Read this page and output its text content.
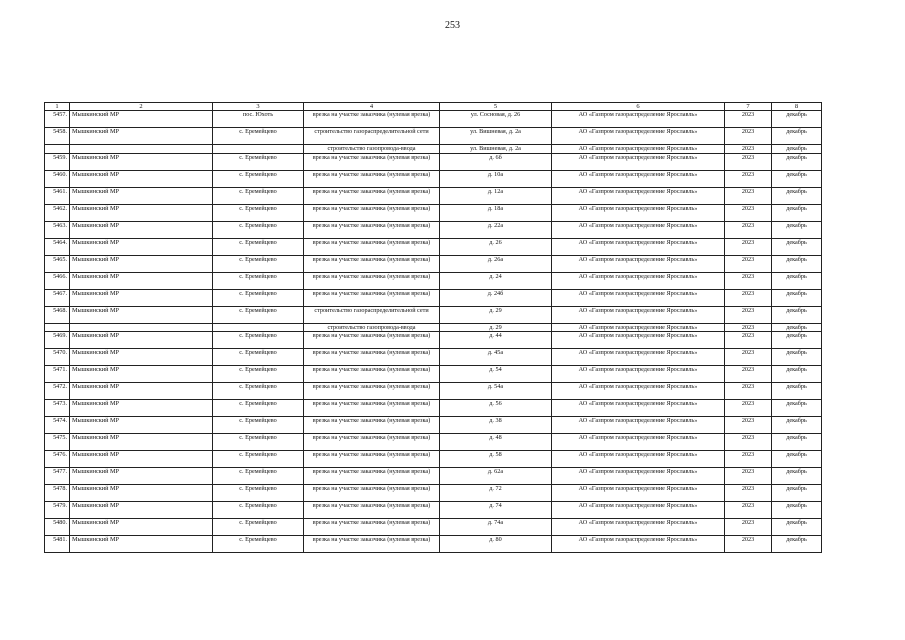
253
1	2	3	4	5	6	7	8
5457.	Мышкинский МР	пос. Юхоть	врезка на участке заказчика (нулевая врезка)	ул. Сосновая, д. 26	АО «Газпром газораспределение Ярославль»	2023	декабрь
5458.	Мышкинский МР	с. Еремейцево	строительство газораспределительной сети	ул. Вишневая, д. 2а	АО «Газпром газораспределение Ярославль»	2023	декабрь
			строительство газопровода-ввода	ул. Вишневая, д. 2а	АО «Газпром газораспределение Ярославль»	2023	декабрь
5459.	Мышкинский МР	с. Еремейцево	врезка на участке заказчика (нулевая врезка)	д. 6б	АО «Газпром газораспределение Ярославль»	2023	декабрь
5460.	Мышкинский МР	с. Еремейцево	врезка на участке заказчика (нулевая врезка)	д. 10а	АО «Газпром газораспределение Ярославль»	2023	декабрь
5461.	Мышкинский МР	с. Еремейцево	врезка на участке заказчика (нулевая врезка)	д. 12а	АО «Газпром газораспределение Ярославль»	2023	декабрь
5462.	Мышкинский МР	с. Еремейцево	врезка на участке заказчика (нулевая врезка)	д. 18а	АО «Газпром газораспределение Ярославль»	2023	декабрь
5463.	Мышкинский МР	с. Еремейцево	врезка на участке заказчика (нулевая врезка)	д. 22а	АО «Газпром газораспределение Ярославль»	2023	декабрь
5464.	Мышкинский МР	с. Еремейцево	врезка на участке заказчика (нулевая врезка)	д. 26	АО «Газпром газораспределение Ярославль»	2023	декабрь
5465.	Мышкинский МР	с. Еремейцево	врезка на участке заказчика (нулевая врезка)	д. 26а	АО «Газпром газораспределение Ярославль»	2023	декабрь
5466.	Мышкинский МР	с. Еремейцево	врезка на участке заказчика (нулевая врезка)	д. 24	АО «Газпром газораспределение Ярославль»	2023	декабрь
5467.	Мышкинский МР	с. Еремейцево	врезка на участке заказчика (нулевая врезка)	д. 24б	АО «Газпром газораспределение Ярославль»	2023	декабрь
5468.	Мышкинский МР	с. Еремейцево	строительство газораспределительной сети	д. 29	АО «Газпром газораспределение Ярославль»	2023	декабрь
			строительство газопровода-ввода	д. 29	АО «Газпром газораспределение Ярославль»	2023	декабрь
5469.	Мышкинский МР	с. Еремейцево	врезка на участке заказчика (нулевая врезка)	д. 44	АО «Газпром газораспределение Ярославль»	2023	декабрь
5470.	Мышкинский МР	с. Еремейцево	врезка на участке заказчика (нулевая врезка)	д. 45а	АО «Газпром газораспределение Ярославль»	2023	декабрь
5471.	Мышкинский МР	с. Еремейцево	врезка на участке заказчика (нулевая врезка)	д. 54	АО «Газпром газораспределение Ярославль»	2023	декабрь
5472.	Мышкинский МР	с. Еремейцево	врезка на участке заказчика (нулевая врезка)	д. 54а	АО «Газпром газораспределение Ярославль»	2023	декабрь
5473.	Мышкинский МР	с. Еремейцево	врезка на участке заказчика (нулевая врезка)	д. 56	АО «Газпром газораспределение Ярославль»	2023	декабрь
5474.	Мышкинский МР	с. Еремейцево	врезка на участке заказчика (нулевая врезка)	д. 38	АО «Газпром газораспределение Ярославль»	2023	декабрь
5475.	Мышкинский МР	с. Еремейцево	врезка на участке заказчика (нулевая врезка)	д. 48	АО «Газпром газораспределение Ярославль»	2023	декабрь
5476.	Мышкинский МР	с. Еремейцево	врезка на участке заказчика (нулевая врезка)	д. 58	АО «Газпром газораспределение Ярославль»	2023	декабрь
5477.	Мышкинский МР	с. Еремейцево	врезка на участке заказчика (нулевая врезка)	д. 62а	АО «Газпром газораспределение Ярославль»	2023	декабрь
5478.	Мышкинский МР	с. Еремейцево	врезка на участке заказчика (нулевая врезка)	д. 72	АО «Газпром газораспределение Ярославль»	2023	декабрь
5479.	Мышкинский МР	с. Еремейцево	врезка на участке заказчика (нулевая врезка)	д. 74	АО «Газпром газораспределение Ярославль»	2023	декабрь
5480.	Мышкинский МР	с. Еремейцево	врезка на участке заказчика (нулевая врезка)	д. 74а	АО «Газпром газораспределение Ярославль»	2023	декабрь
5481.	Мышкинский МР	с. Еремейцево	врезка на участке заказчика (нулевая врезка)	д. 80	АО «Газпром газораспределение Ярославль»	2023	декабрь
